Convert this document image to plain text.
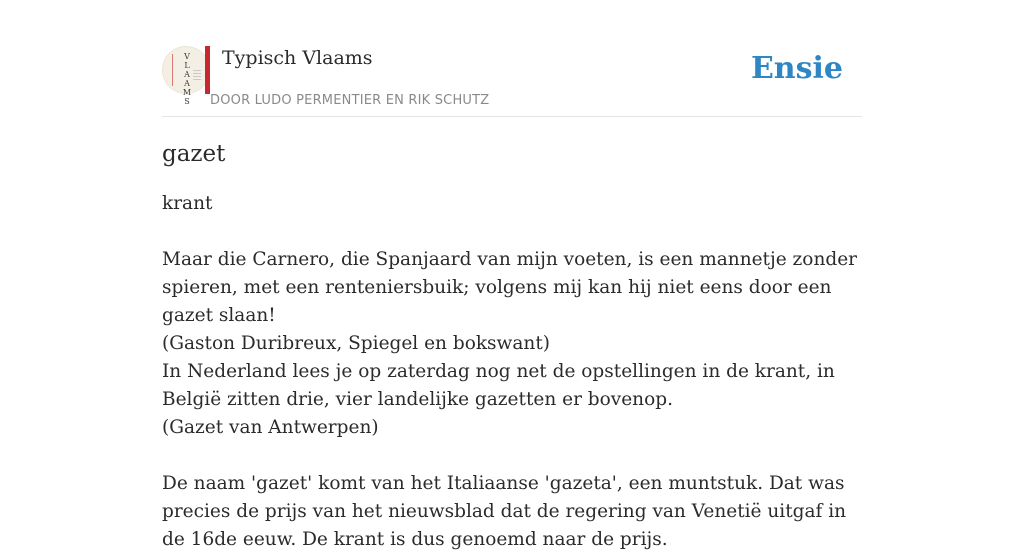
V
L
A
A
M
S
Typisch Vlaams
DOOR LUDO PERMENTIER EN RIK SCHUTZ
Ensie
gazet

krant

Maar die Carnero, die Spanjaard van mijn voeten, is een mannetje zonder spieren, met een renteniersbuik; volgens mij kan hij niet eens door een gazet slaan!

(Gaston Duribreux, Spiegel en bokswant)

In Nederland lees je op zaterdag nog net de opstellingen in de krant, in België zitten drie, vier landelijke gazetten er bovenop.

(Gazet van Antwerpen)

De naam 'gazet' komt van het Italiaanse 'gazeta', een muntstuk. Dat was precies de prijs van het nieuwsblad dat de regering van Venetië uitgaf in de 16de eeuw. De krant is dus genoemd naar de prijs.
